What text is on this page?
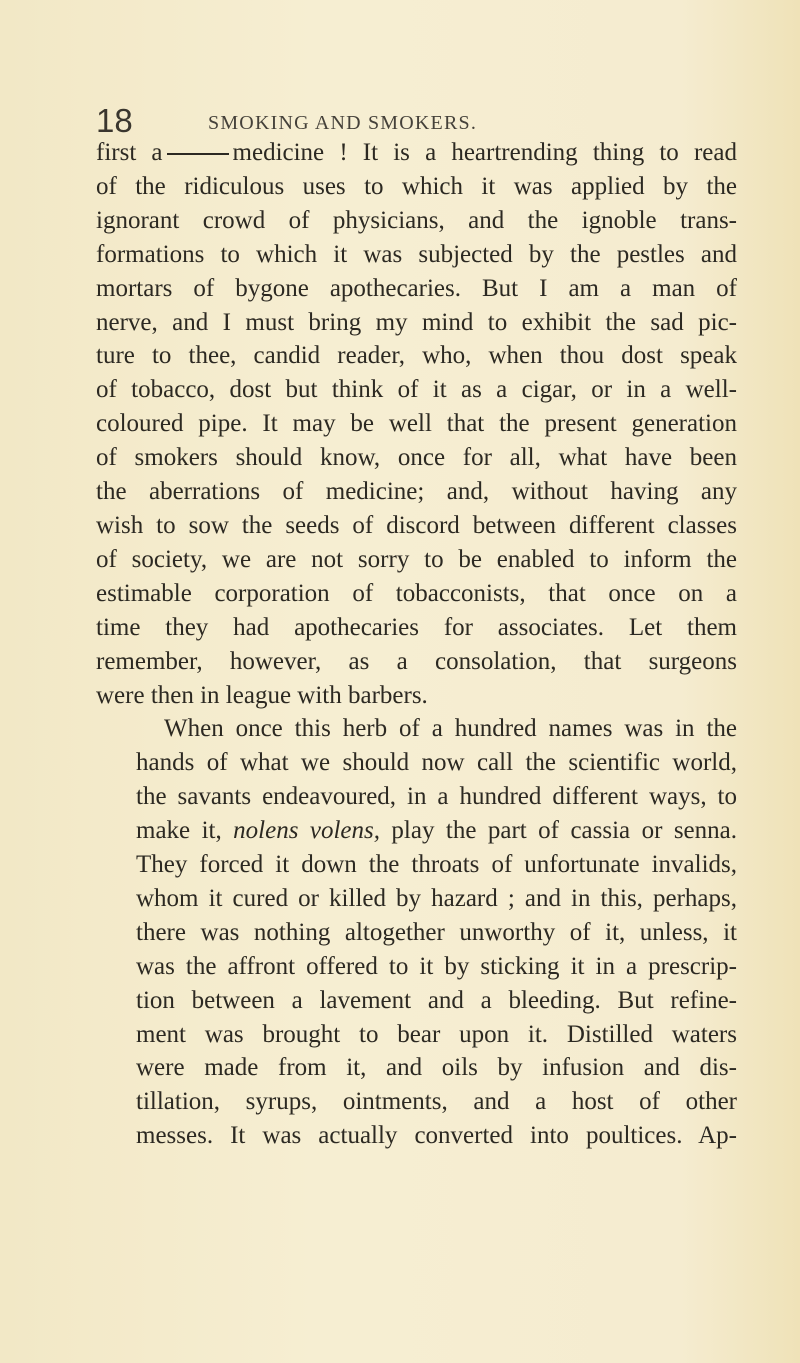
18	SMOKING AND SMOKERS.

first a	medicine ! It is a heartrending thing to read
of the ridiculous uses to which it was applied by the
ignorant crowd of physicians, and the ignoble trans-
formations to which it was subjected by the pestles and
mortars of bygone apothecaries. But I am a man of
nerve, and I must bring my mind to exhibit the sad pic-
ture to thee, candid reader, who, when thou dost speak
of tobacco, dost but think of it as a cigar, or in a well-
coloured pipe. It may be well that the present generation
of smokers should know, once for all, what have been
the aberrations of medicine; and, without having any
wish to sow the seeds of discord between different classes
of society, we are not sorry to be enabled to inform the
estimable corporation of tobacconists, that once on a
time they had apothecaries for associates. Let them
remember, however, as a consolation, that surgeons
were then in league with barbers.

When once this herb of a hundred names was in the
hands of what we should now call the scientific world,
the savants endeavoured, in a hundred different ways, to
make it, nolens volens, play the part of cassia or senna.
They forced it down the throats of unfortunate invalids,
whom it cured or killed by hazard ; and in this, perhaps,
there was nothing altogether unworthy of it, unless, it
was the affront offered to it by sticking it in a prescrip-
tion between a lavement and a bleeding. But refine-
ment was brought to bear upon it. Distilled waters
were made from it, and oils by infusion and dis-
tillation, syrups, ointments, and a host of other
messes. It was actually converted into poultices. Ap-
